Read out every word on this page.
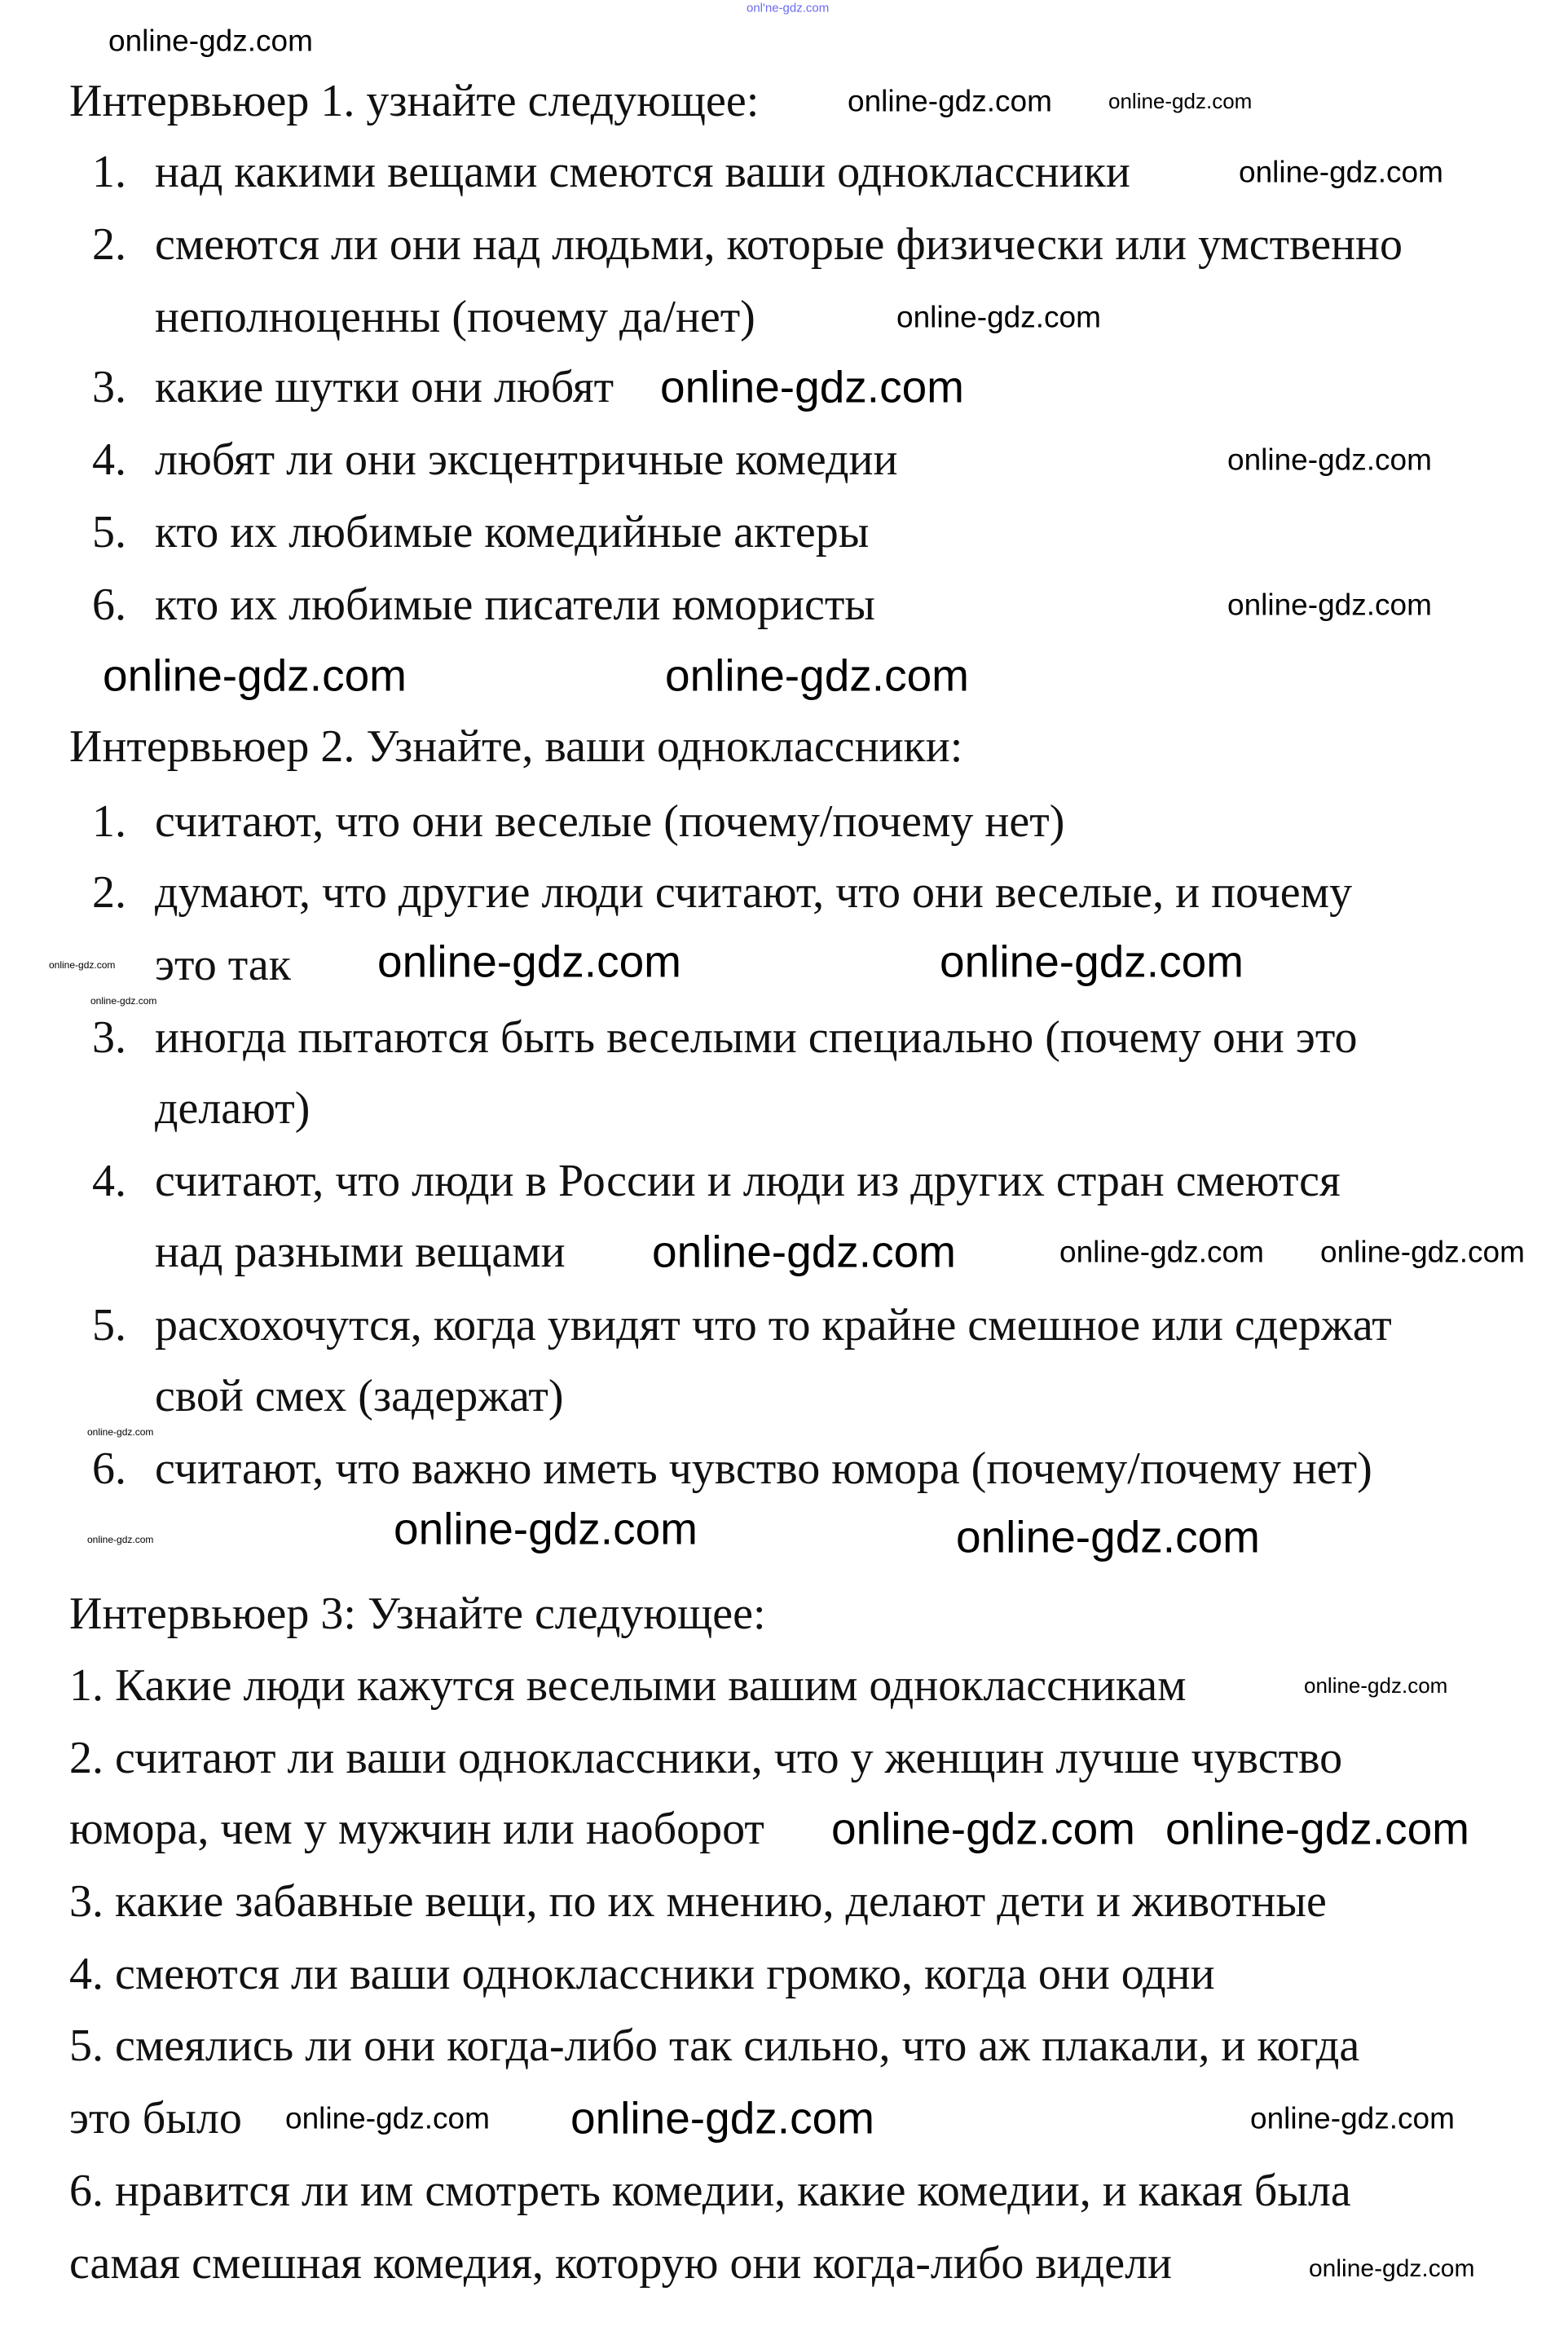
Интервьюер 1. узнайте следующее:
1. над какими вещами смеются ваши одноклассники
2. смеются ли они над людьми, которые физически или умственно
неполноценны (почему да/нет)
3. какие шутки они любят
4. любят ли они эксцентричные комедии
5. кто их любимые комедийные актеры
6. кто их любимые писатели юмористы
Интервьюер 2. Узнайте, ваши одноклассники:
1. считают, что они веселые (почему/почему нет)
2. думают, что другие люди считают, что они веселые, и почему
это так
3. иногда пытаются быть веселыми специально (почему они это
делают)
4. считают, что люди в России и люди из других стран смеются
над разными вещами
5. расхохочутся, когда увидят что то крайне смешное или сдержат
свой смех (задержат)
6. считают, что важно иметь чувство юмора (почему/почему нет)
Интервьюер 3: Узнайте следующее:
1. Какие люди кажутся веселыми вашим одноклассникам
2. считают ли ваши одноклассники, что у женщин лучше чувство
юмора, чем у мужчин или наоборот
3. какие забавные вещи, по их мнению, делают дети и животные
4. смеются ли ваши одноклассники громко, когда они одни
5. смеялись ли они когда-либо так сильно, что аж плакали, и когда
это было
6. нравится ли им смотреть комедии, какие комедии, и какая была
самая смешная комедия, которую они когда-либо видели
onl'ne-gdz.com
online-gdz.com	online-gdz.com
online-gdz.com
online-gdz.com
online-gdz.com
online-gdz.com
online-gdz.com
online-gdz.com
online-gdz.com	online-gdz.com
online-gdz.com	online-gdz.com	online-gdz.com
online-gdz.com
online-gdz.com
online-gdz.com	online-gdz.com
online-gdz.com
online-gdz.com	online-gdz.com
online-gdz.com
online-gdz.com
online-gdz.com
online-gdz.com
online-gdz.com online-gdz.com	online-gdz.com
online-gdz.com
